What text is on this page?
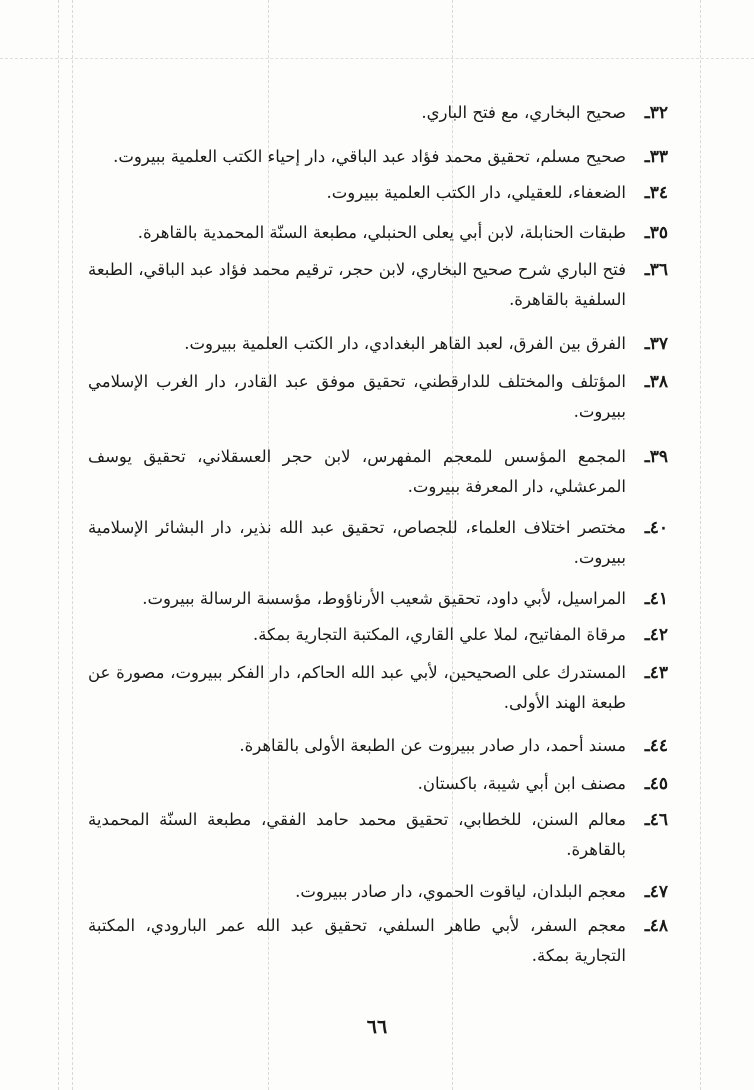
٣٢ـ
صحيح البخاري، مع فتح الباري.
٣٣ـ
صحيح مسلم، تحقيق محمد فؤاد عبد الباقي، دار إحياء الكتب العلمية ببيروت.
٣٤ـ
الضعفاء، للعقيلي، دار الكتب العلمية ببيروت.
٣٥ـ
طبقات الحنابلة، لابن أبي يعلى الحنبلي، مطبعة السنّة المحمدية بالقاهرة.
٣٦ـ
فتح الباري شرح صحيح البخاري، لابن حجر، ترقيم محمد فؤاد عبد الباقي، الطبعة السلفية بالقاهرة.
٣٧ـ
الفرق بين الفرق، لعبد القاهر البغدادي، دار الكتب العلمية ببيروت.
٣٨ـ
المؤتلف والمختلف للدارقطني، تحقيق موفق عبد القادر، دار الغرب الإسلامي ببيروت.
٣٩ـ
المجمع المؤسس للمعجم المفهرس، لابن حجر العسقلاني، تحقيق يوسف المرعشلي، دار المعرفة ببيروت.
٤٠ـ
مختصر اختلاف العلماء، للجصاص، تحقيق عبد الله نذير، دار البشائر الإسلامية ببيروت.
٤١ـ
المراسيل، لأبي داود، تحقيق شعيب الأرناؤوط، مؤسسة الرسالة ببيروت.
٤٢ـ
مرقاة المفاتيح، لملا علي القاري، المكتبة التجارية بمكة.
٤٣ـ
المستدرك على الصحيحين، لأبي عبد الله الحاكم، دار الفكر ببيروت، مصورة عن طبعة الهند الأولى.
٤٤ـ
مسند أحمد، دار صادر ببيروت عن الطبعة الأولى بالقاهرة.
٤٥ـ
مصنف ابن أبي شيبة، باكستان.
٤٦ـ
معالم السنن، للخطابي، تحقيق محمد حامد الفقي، مطبعة السنّة المحمدية بالقاهرة.
٤٧ـ
معجم البلدان، لياقوت الحموي، دار صادر ببيروت.
٤٨ـ
معجم السفر، لأبي طاهر السلفي، تحقيق عبد الله عمر البارودي، المكتبة التجارية بمكة.
٦٦
